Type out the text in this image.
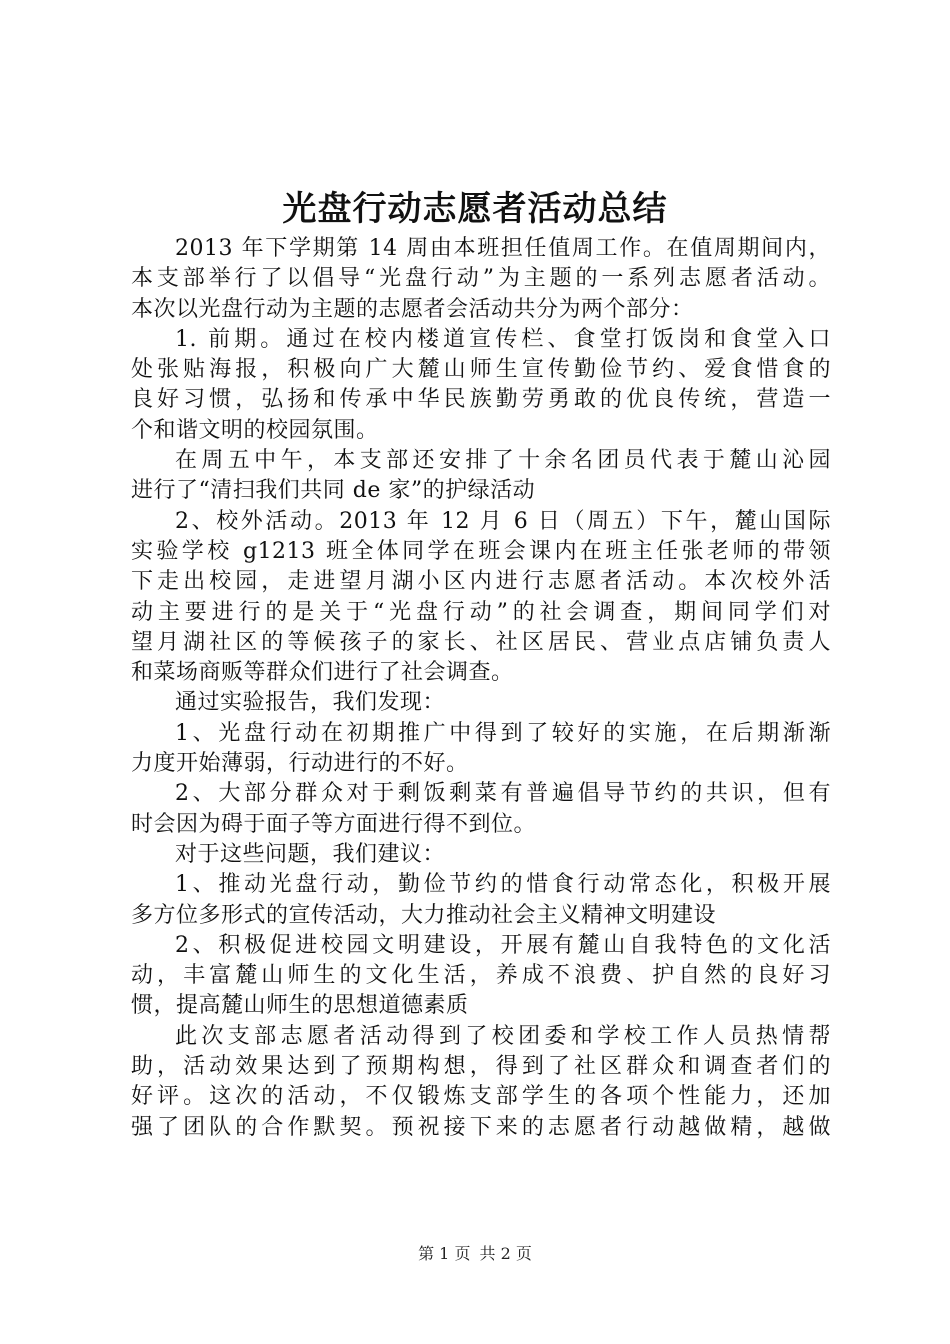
光盘行动志愿者活动总结
2013 年下学期第 14 周由本班担任值周工作。在值周期间内，
本支部举行了以倡导“光盘行动”为主题的一系列志愿者活动。
本次以光盘行动为主题的志愿者会活动共分为两个部分：
1. 前期。通过在校内楼道宣传栏、食堂打饭岗和食堂入口
处张贴海报，积极向广大麓山师生宣传勤俭节约、爱食惜食的
良好习惯，弘扬和传承中华民族勤劳勇敢的优良传统，营造一
个和谐文明的校园氛围。
在周五中午，本支部还安排了十余名团员代表于麓山沁园
进行了“清扫我们共同 de 家”的护绿活动
2、校外活动。2013 年 12 月 6 日（周五）下午，麓山国际
实验学校 g1213 班全体同学在班会课内在班主任张老师的带领
下走出校园，走进望月湖小区内进行志愿者活动。本次校外活
动主要进行的是关于“光盘行动”的社会调查，期间同学们对
望月湖社区的等候孩子的家长、社区居民、营业点店铺负责人
和菜场商贩等群众们进行了社会调查。
通过实验报告，我们发现：
1、光盘行动在初期推广中得到了较好的实施，在后期渐渐
力度开始薄弱，行动进行的不好。
2、大部分群众对于剩饭剩菜有普遍倡导节约的共识，但有
时会因为碍于面子等方面进行得不到位。
对于这些问题，我们建议：
1、推动光盘行动，勤俭节约的惜食行动常态化，积极开展
多方位多形式的宣传活动，大力推动社会主义精神文明建设
2、积极促进校园文明建设，开展有麓山自我特色的文化活
动，丰富麓山师生的文化生活，养成不浪费、护自然的良好习
惯，提高麓山师生的思想道德素质
此次支部志愿者活动得到了校团委和学校工作人员热情帮
助，活动效果达到了预期构想，得到了社区群众和调查者们的
好评。这次的活动，不仅锻炼支部学生的各项个性能力，还加
强了团队的合作默契。预祝接下来的志愿者行动越做精，越做
第 1 页 共 2 页
